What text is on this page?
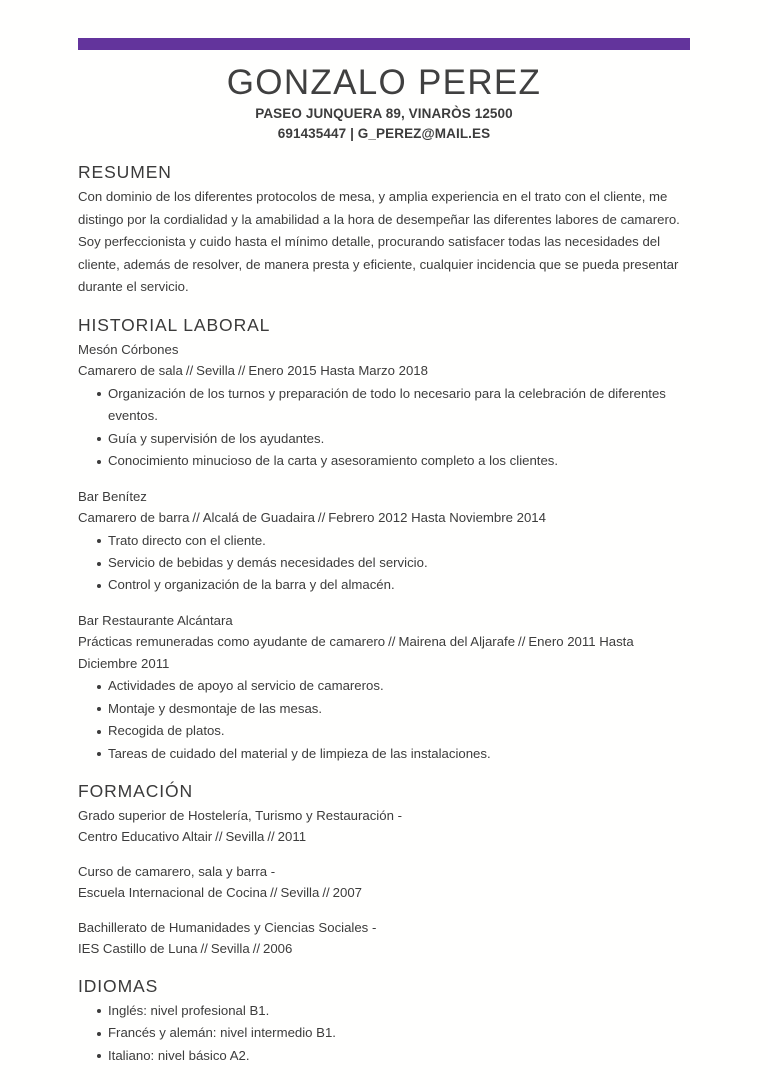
GONZALO PEREZ
PASEO JUNQUERA 89, VINARÒS 12500
691435447 | G_PEREZ@MAIL.ES
RESUMEN

Con dominio de los diferentes protocolos de mesa, y amplia experiencia en el trato con el cliente, me distingo por la cordialidad y la amabilidad a la hora de desempeñar las diferentes labores de camarero. Soy perfeccionista y cuido hasta el mínimo detalle, procurando satisfacer todas las necesidades del cliente, además de resolver, de manera presta y eficiente, cualquier incidencia que se pueda presentar durante el servicio.

HISTORIAL LABORAL
Mesón Córbones
Camarero de sala // Sevilla // Enero 2015 Hasta Marzo 2018
Organización de los turnos y preparación de todo lo necesario para la celebración de diferentes eventos.
Guía y supervisión de los ayudantes.
Conocimiento minucioso de la carta y asesoramiento completo a los clientes.
Bar Benítez
Camarero de barra // Alcalá de Guadaira // Febrero 2012 Hasta Noviembre 2014
Trato directo con el cliente.
Servicio de bebidas y demás necesidades del servicio.
Control y organización de la barra y del almacén.
Bar Restaurante Alcántara
Prácticas remuneradas como ayudante de camarero // Mairena del Aljarafe // Enero 2011 Hasta Diciembre 2011
Actividades de apoyo al servicio de camareros.
Montaje y desmontaje de las mesas.
Recogida de platos.
Tareas de cuidado del material y de limpieza de las instalaciones.
FORMACIÓN
Grado superior de Hostelería, Turismo y Restauración -
Centro Educativo Altair // Sevilla // 2011
Curso de camarero, sala y barra -
Escuela Internacional de Cocina // Sevilla // 2007
Bachillerato de Humanidades y Ciencias Sociales -
IES Castillo de Luna // Sevilla // 2006
IDIOMAS
Inglés: nivel profesional B1.
Francés y alemán: nivel intermedio B1.
Italiano: nivel básico A2.
